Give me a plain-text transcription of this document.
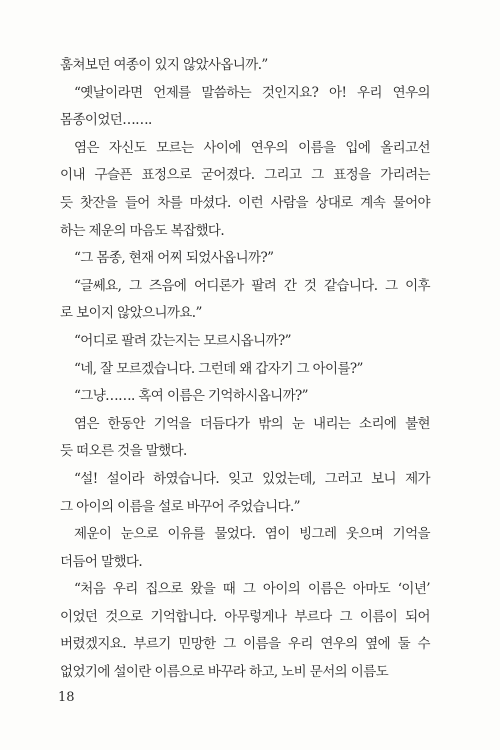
훔쳐보던 여종이 있지 않았사옵니까.”

“옛날이라면 언제를 말씀하는 것인지요? 아! 우리 연우의
몸종이었던…….

염은 자신도 모르는 사이에 연우의 이름을 입에 올리고선
이내 구슬픈 표정으로 굳어졌다. 그리고 그 표정을 가리려는
듯 찻잔을 들어 차를 마셨다. 이런 사람을 상대로 계속 물어야
하는 제운의 마음도 복잡했다.

“그 몸종, 현재 어찌 되었사옵니까?”

“글쎄요, 그 즈음에 어디론가 팔려 간 것 같습니다. 그 이후
로 보이지 않았으니까요.”

“어디로 팔려 갔는지는 모르시옵니까?”

“네, 잘 모르겠습니다. 그런데 왜 갑자기 그 아이를?”

“그냥……. 혹여 이름은 기억하시옵니까?”

염은 한동안 기억을 더듬다가 밖의 눈 내리는 소리에 불현
듯 떠오른 것을 말했다.

“설! 설이라 하였습니다. 잊고 있었는데, 그러고 보니 제가
그 아이의 이름을 설로 바꾸어 주었습니다.”

제운이 눈으로 이유를 물었다. 염이 빙그레 웃으며 기억을
더듬어 말했다.

“처음 우리 집으로 왔을 때 그 아이의 이름은 아마도 ‘이년’
이었던 것으로 기억합니다. 아무렇게나 부르다 그 이름이 되어
버렸겠지요. 부르기 민망한 그 이름을 우리 연우의 옆에 둘 수
없었기에 설이란 이름으로 바꾸라 하고, 노비 문서의 이름도

18
